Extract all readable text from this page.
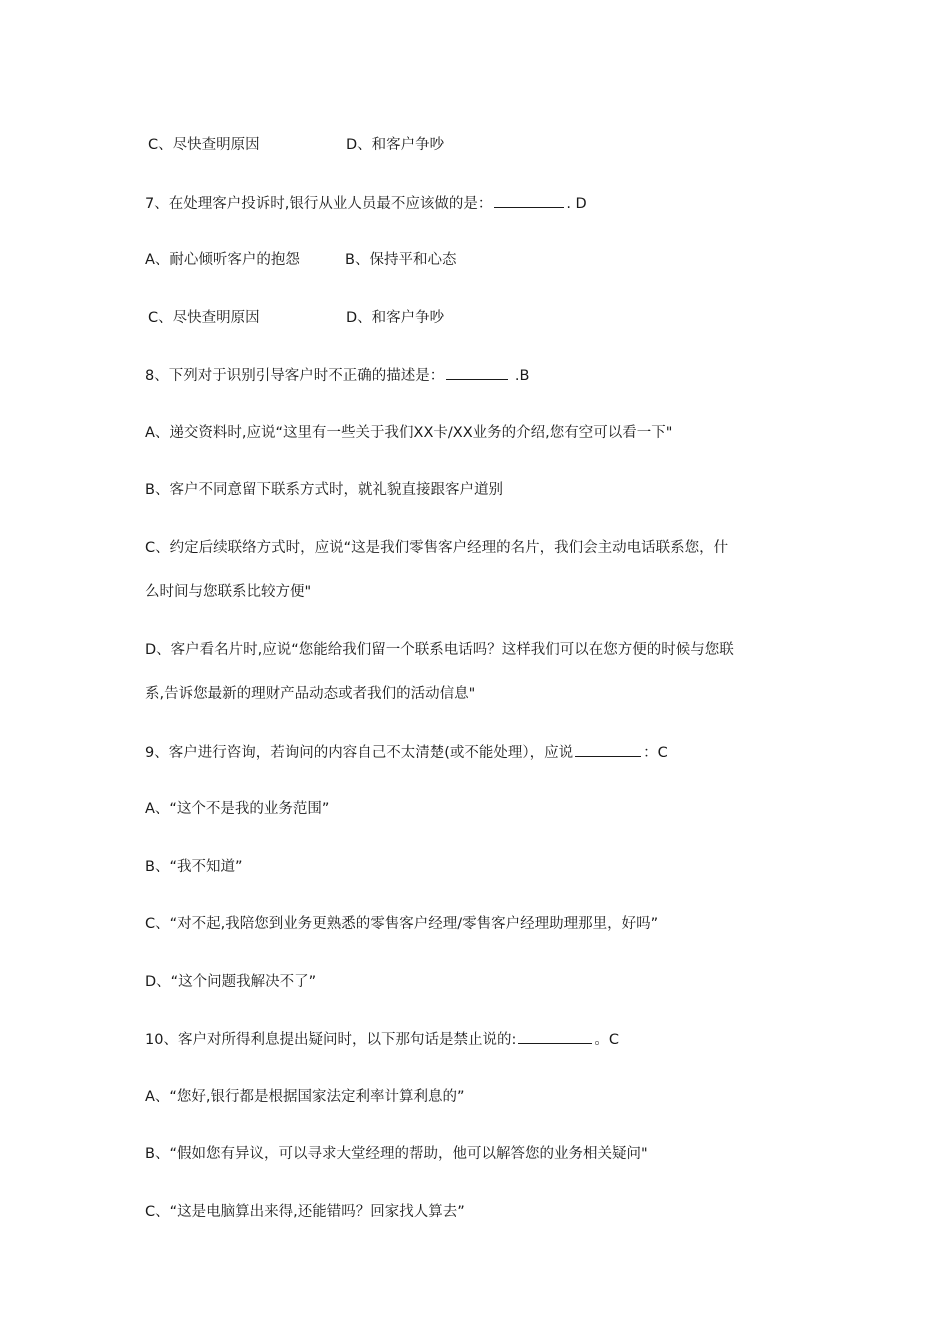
C、尽快查明原因	D、和客户争吵
7、在处理客户投诉时,银行从业人员最不应该做的是：	. D
A、耐心倾听客户的抱怨	B、保持平和心态
C、尽快查明原因	D、和客户争吵
8、下列对于识别引导客户时不正确的描述是：	.B
A、递交资料时,应说“这里有一些关于我们XX卡/XX业务的介绍,您有空可以看一下"
B、客户不同意留下联系方式时，就礼貌直接跟客户道别
C、约定后续联络方式时，应说“这是我们零售客户经理的名片，我们会主动电话联系您，什
么时间与您联系比较方便"
D、客户看名片时,应说“您能给我们留一个联系电话吗？这样我们可以在您方便的时候与您联
系,告诉您最新的理财产品动态或者我们的活动信息"
9、客户进行咨询，若询问的内容自己不太清楚(或不能处理），应说	：C
A、“这个不是我的业务范围”
B、“我不知道”
C、“对不起,我陪您到业务更熟悉的零售客户经理/零售客户经理助理那里，好吗”
D、“这个问题我解决不了”
10、客户对所得利息提出疑问时，以下那句话是禁止说的:	。C
A、“您好,银行都是根据国家法定利率计算利息的”
B、“假如您有异议，可以寻求大堂经理的帮助，他可以解答您的业务相关疑问"
C、“这是电脑算出来得,还能错吗？回家找人算去”
